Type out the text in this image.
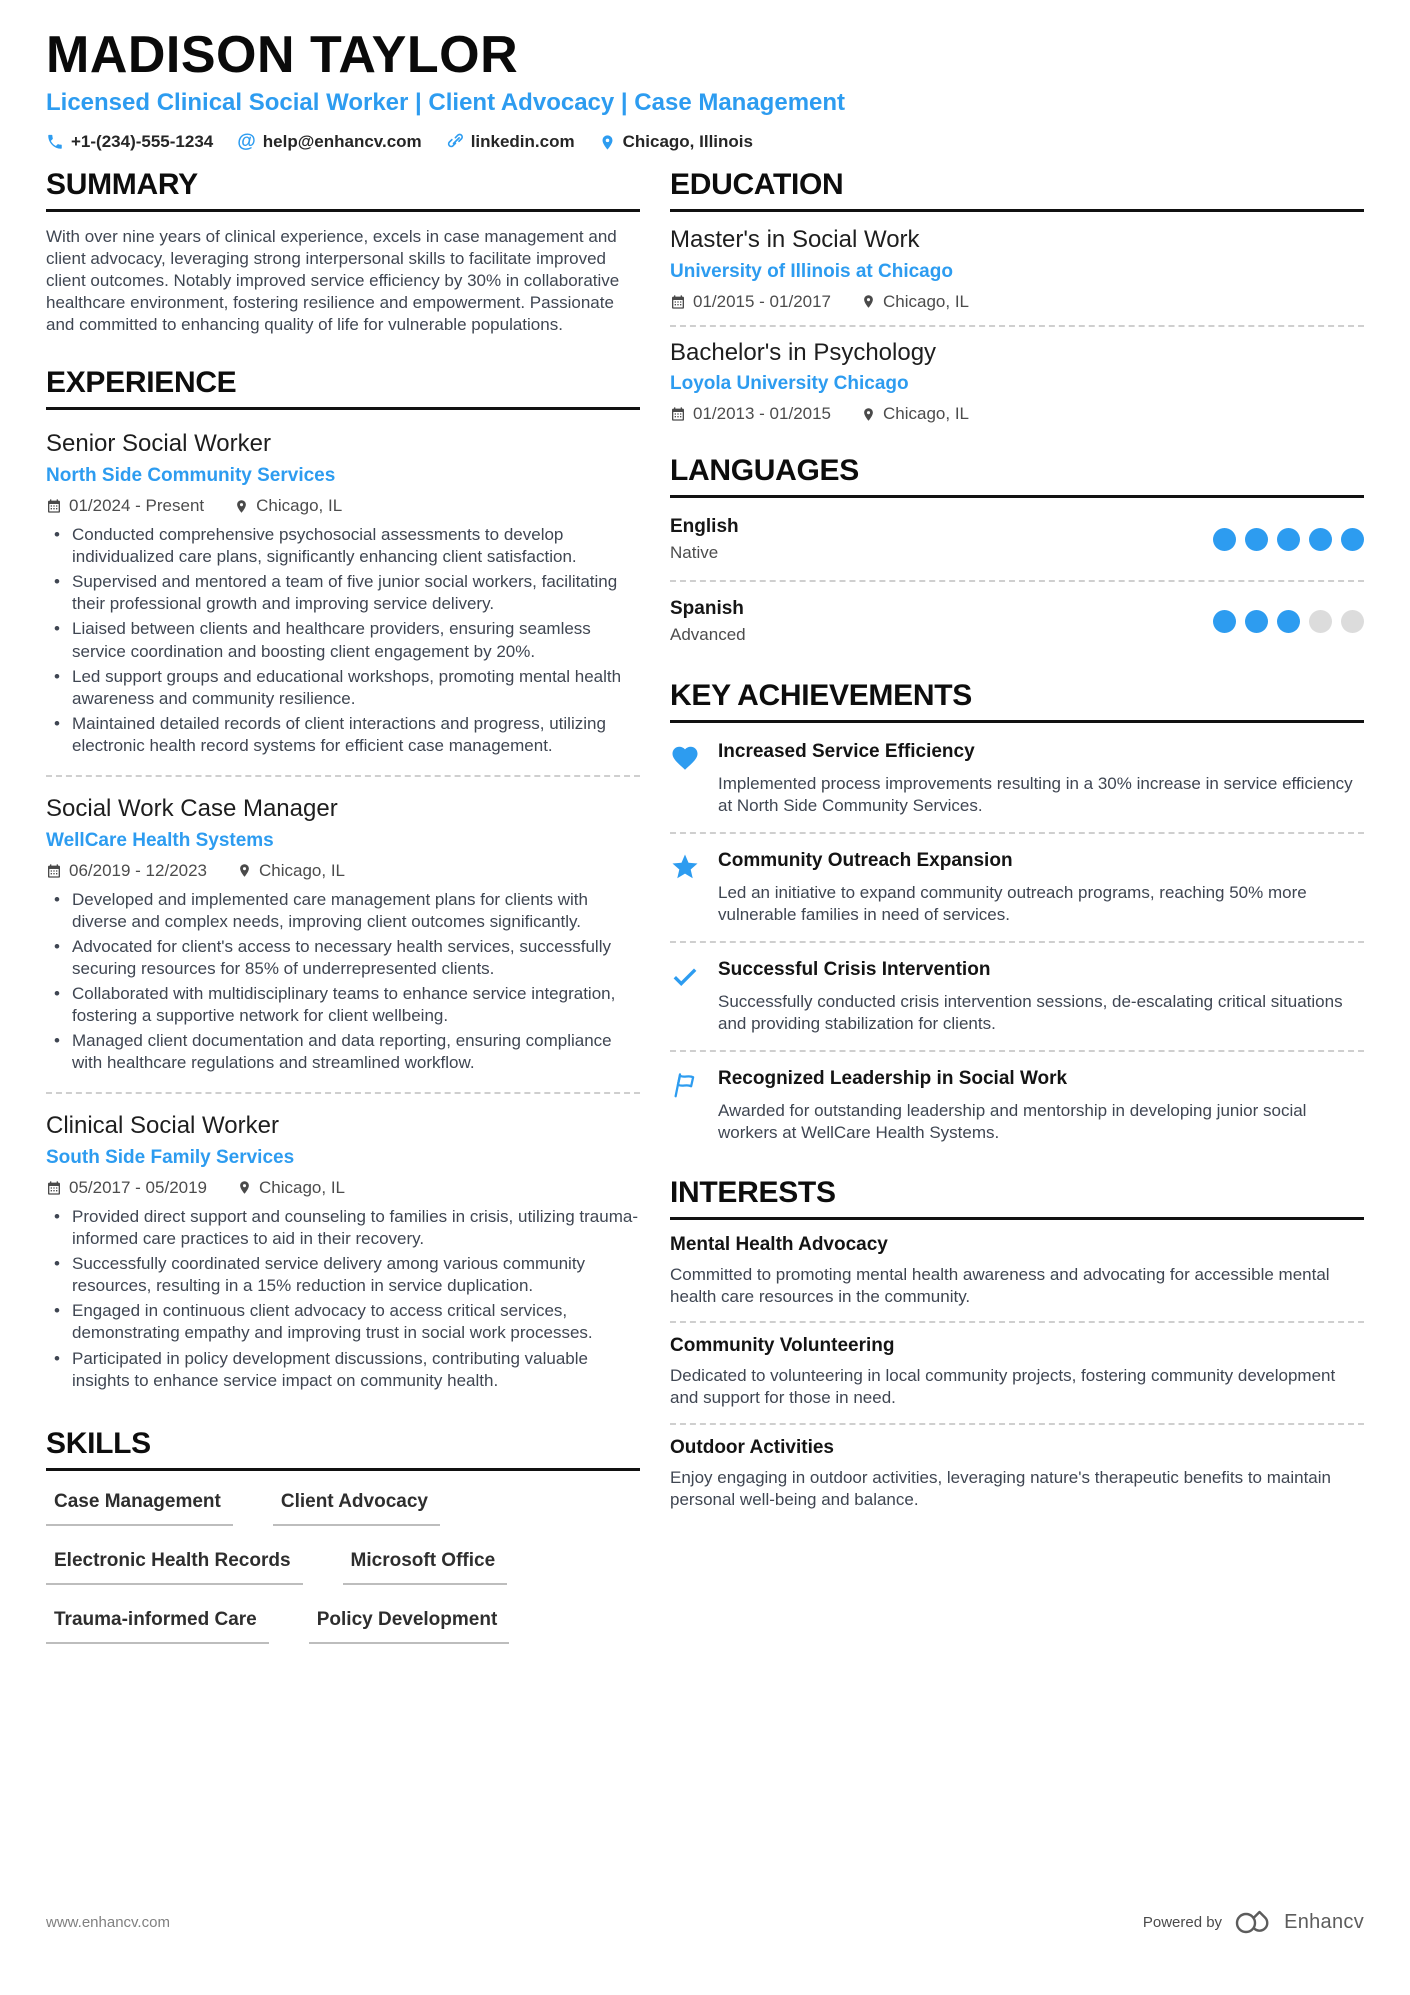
MADISON TAYLOR
Licensed Clinical Social Worker | Client Advocacy | Case Management
+1-(234)-555-1234 @ help@enhancv.com	linkedin.com	Chicago, Illinois
SUMMARY
With over nine years of clinical experience, excels in case management and client advocacy, leveraging strong interpersonal skills to facilitate improved client outcomes. Notably improved service efficiency by 30% in collaborative healthcare environment, fostering resilience and empowerment. Passionate and committed to enhancing quality of life for vulnerable populations.
EXPERIENCE
Senior Social Worker
North Side Community Services
01/2024 - Present	Chicago, IL
• Conducted comprehensive psychosocial assessments to develop individualized care plans, significantly enhancing client satisfaction.
• Supervised and mentored a team of five junior social workers, facilitating their professional growth and improving service delivery.
• Liaised between clients and healthcare providers, ensuring seamless service coordination and boosting client engagement by 20%.
• Led support groups and educational workshops, promoting mental health awareness and community resilience.
• Maintained detailed records of client interactions and progress, utilizing electronic health record systems for efficient case management.
Social Work Case Manager
WellCare Health Systems
06/2019 - 12/2023	Chicago, IL
• Developed and implemented care management plans for clients with diverse and complex needs, improving client outcomes significantly.
• Advocated for client's access to necessary health services, successfully securing resources for 85% of underrepresented clients.
• Collaborated with multidisciplinary teams to enhance service integration, fostering a supportive network for client wellbeing.
• Managed client documentation and data reporting, ensuring compliance with healthcare regulations and streamlined workflow.
Clinical Social Worker
South Side Family Services
05/2017 - 05/2019	Chicago, IL
• Provided direct support and counseling to families in crisis, utilizing trauma-informed care practices to aid in their recovery.
• Successfully coordinated service delivery among various community resources, resulting in a 15% reduction in service duplication.
• Engaged in continuous client advocacy to access critical services, demonstrating empathy and improving trust in social work processes.
• Participated in policy development discussions, contributing valuable insights to enhance service impact on community health.
SKILLS
Case Management	Client Advocacy
Electronic Health Records	Microsoft Office
Trauma-informed Care	Policy Development
EDUCATION
Master's in Social Work
University of Illinois at Chicago
01/2015 - 01/2017	Chicago, IL
Bachelor's in Psychology
Loyola University Chicago
01/2013 - 01/2015	Chicago, IL
LANGUAGES
English
Native
Spanish
Advanced
KEY ACHIEVEMENTS
Increased Service Efficiency
Implemented process improvements resulting in a 30% increase in service efficiency at North Side Community Services.
Community Outreach Expansion
Led an initiative to expand community outreach programs, reaching 50% more vulnerable families in need of services.
Successful Crisis Intervention
Successfully conducted crisis intervention sessions, de-escalating critical situations and providing stabilization for clients.
Recognized Leadership in Social Work
Awarded for outstanding leadership and mentorship in developing junior social workers at WellCare Health Systems.
INTERESTS
Mental Health Advocacy
Committed to promoting mental health awareness and advocating for accessible mental health care resources in the community.
Community Volunteering
Dedicated to volunteering in local community projects, fostering community development and support for those in need.
Outdoor Activities
Enjoy engaging in outdoor activities, leveraging nature's therapeutic benefits to maintain personal well-being and balance.
www.enhancv.com	Powered by	Enhancv
